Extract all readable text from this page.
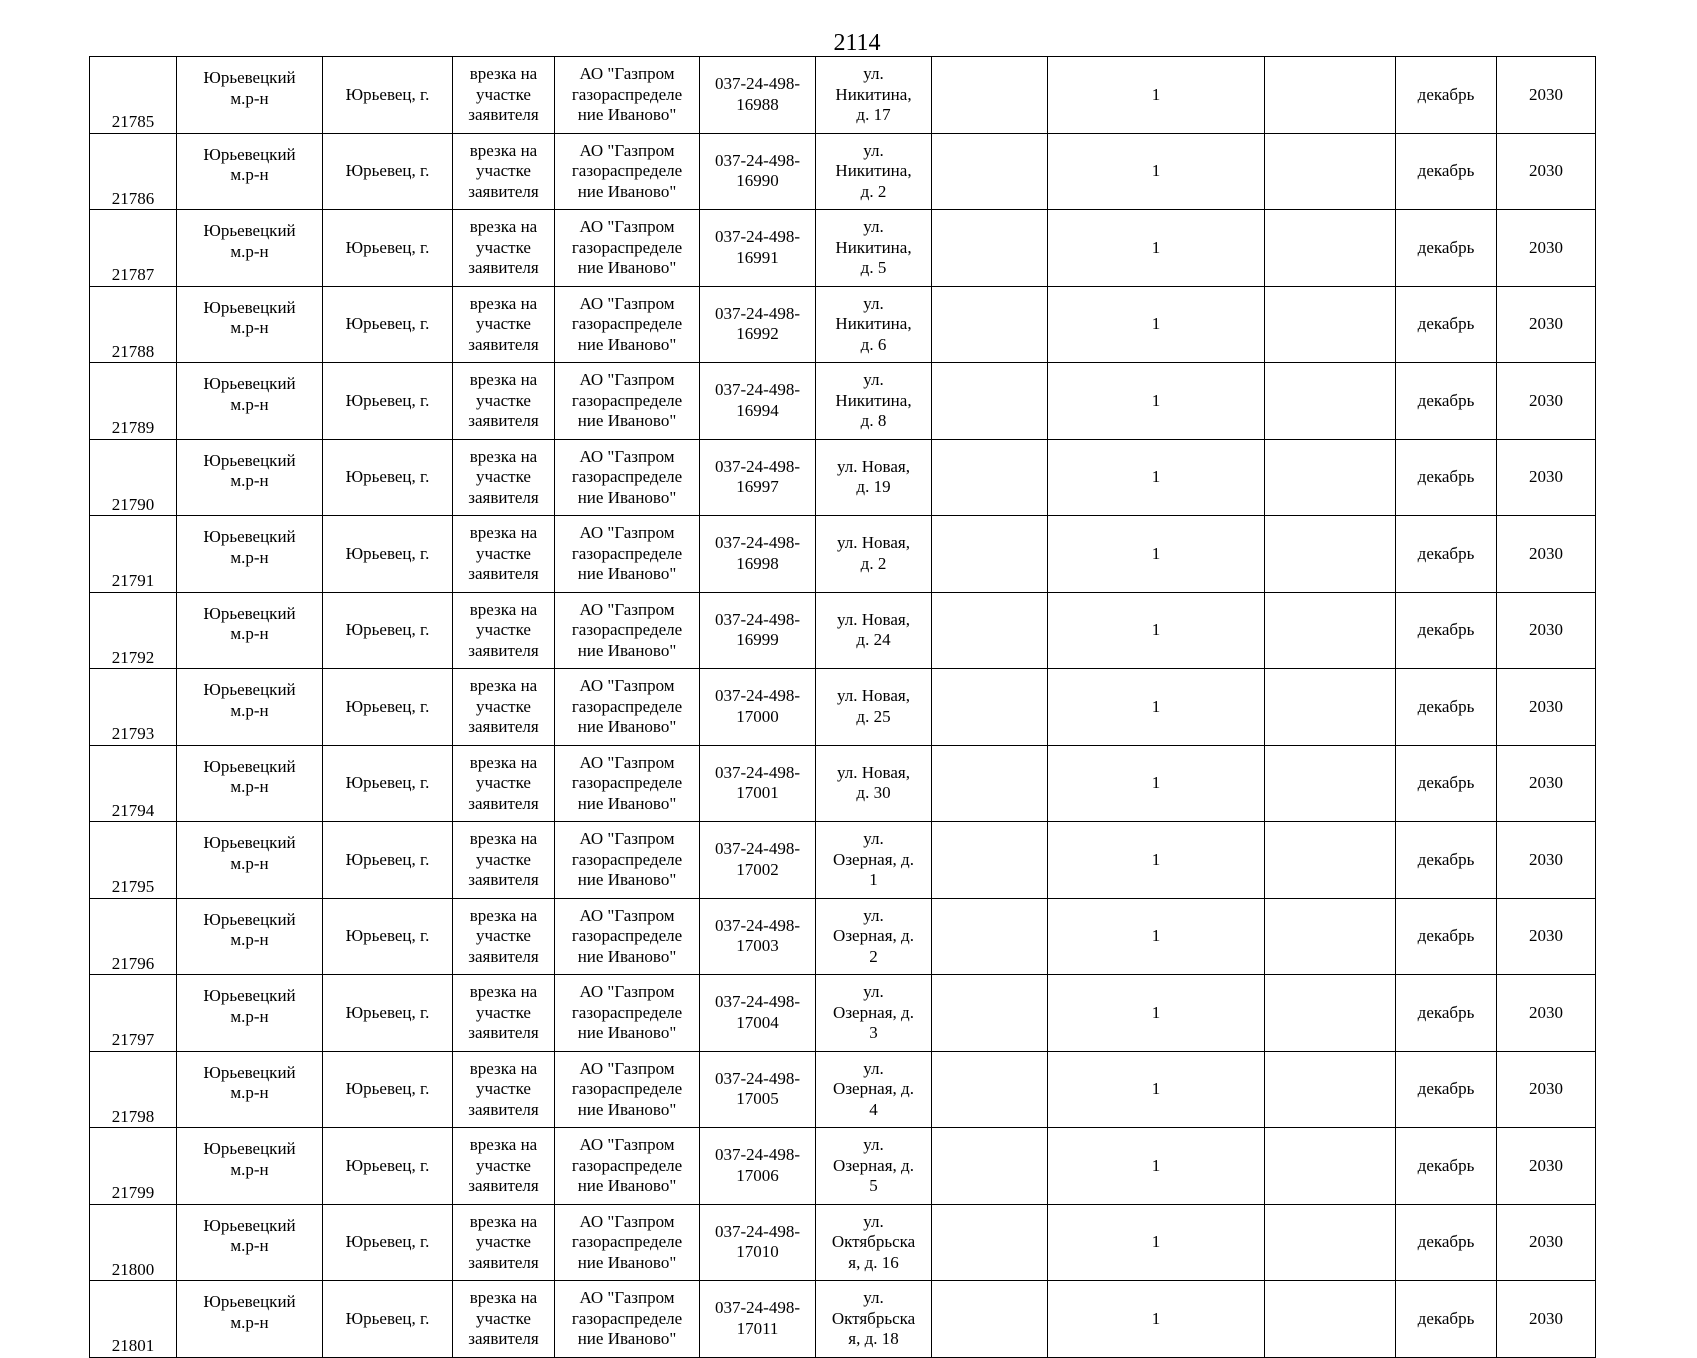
2114
21785	Юрьевецкий
м.р-н	Юрьевец, г.	врезка на
участке
заявителя	АО "Газпром
газораспределе
ние Иваново"	037-24-498-
16988	ул.
Никитина,
д. 17		1		декабрь	2030

21786	Юрьевецкий
м.р-н	Юрьевец, г.	врезка на
участке
заявителя	АО "Газпром
газораспределе
ние Иваново"	037-24-498-
16990	ул.
Никитина,
д. 2		1		декабрь	2030

21787	Юрьевецкий
м.р-н	Юрьевец, г.	врезка на
участке
заявителя	АО "Газпром
газораспределе
ние Иваново"	037-24-498-
16991	ул.
Никитина,
д. 5		1		декабрь	2030

21788	Юрьевецкий
м.р-н	Юрьевец, г.	врезка на
участке
заявителя	АО "Газпром
газораспределе
ние Иваново"	037-24-498-
16992	ул.
Никитина,
д. 6		1		декабрь	2030

21789	Юрьевецкий
м.р-н	Юрьевец, г.	врезка на
участке
заявителя	АО "Газпром
газораспределе
ние Иваново"	037-24-498-
16994	ул.
Никитина,
д. 8		1		декабрь	2030

21790	Юрьевецкий
м.р-н	Юрьевец, г.	врезка на
участке
заявителя	АО "Газпром
газораспределе
ние Иваново"	037-24-498-
16997	ул. Новая,
д. 19		1		декабрь	2030

21791	Юрьевецкий
м.р-н	Юрьевец, г.	врезка на
участке
заявителя	АО "Газпром
газораспределе
ние Иваново"	037-24-498-
16998	ул. Новая,
д. 2		1		декабрь	2030

21792	Юрьевецкий
м.р-н	Юрьевец, г.	врезка на
участке
заявителя	АО "Газпром
газораспределе
ние Иваново"	037-24-498-
16999	ул. Новая,
д. 24		1		декабрь	2030

21793	Юрьевецкий
м.р-н	Юрьевец, г.	врезка на
участке
заявителя	АО "Газпром
газораспределе
ние Иваново"	037-24-498-
17000	ул. Новая,
д. 25		1		декабрь	2030

21794	Юрьевецкий
м.р-н	Юрьевец, г.	врезка на
участке
заявителя	АО "Газпром
газораспределе
ние Иваново"	037-24-498-
17001	ул. Новая,
д. 30		1		декабрь	2030

21795	Юрьевецкий
м.р-н	Юрьевец, г.	врезка на
участке
заявителя	АО "Газпром
газораспределе
ние Иваново"	037-24-498-
17002	ул.
Озерная, д.
1		1		декабрь	2030

21796	Юрьевецкий
м.р-н	Юрьевец, г.	врезка на
участке
заявителя	АО "Газпром
газораспределе
ние Иваново"	037-24-498-
17003	ул.
Озерная, д.
2		1		декабрь	2030

21797	Юрьевецкий
м.р-н	Юрьевец, г.	врезка на
участке
заявителя	АО "Газпром
газораспределе
ние Иваново"	037-24-498-
17004	ул.
Озерная, д.
3		1		декабрь	2030

21798	Юрьевецкий
м.р-н	Юрьевец, г.	врезка на
участке
заявителя	АО "Газпром
газораспределе
ние Иваново"	037-24-498-
17005	ул.
Озерная, д.
4		1		декабрь	2030

21799	Юрьевецкий
м.р-н	Юрьевец, г.	врезка на
участке
заявителя	АО "Газпром
газораспределе
ние Иваново"	037-24-498-
17006	ул.
Озерная, д.
5		1		декабрь	2030

21800	Юрьевецкий
м.р-н	Юрьевец, г.	врезка на
участке
заявителя	АО "Газпром
газораспределе
ние Иваново"	037-24-498-
17010	ул.
Октябрьска
я, д. 16		1		декабрь	2030

21801	Юрьевецкий
м.р-н	Юрьевец, г.	врезка на
участке
заявителя	АО "Газпром
газораспределе
ние Иваново"	037-24-498-
17011	ул.
Октябрьска
я, д. 18		1		декабрь	2030
